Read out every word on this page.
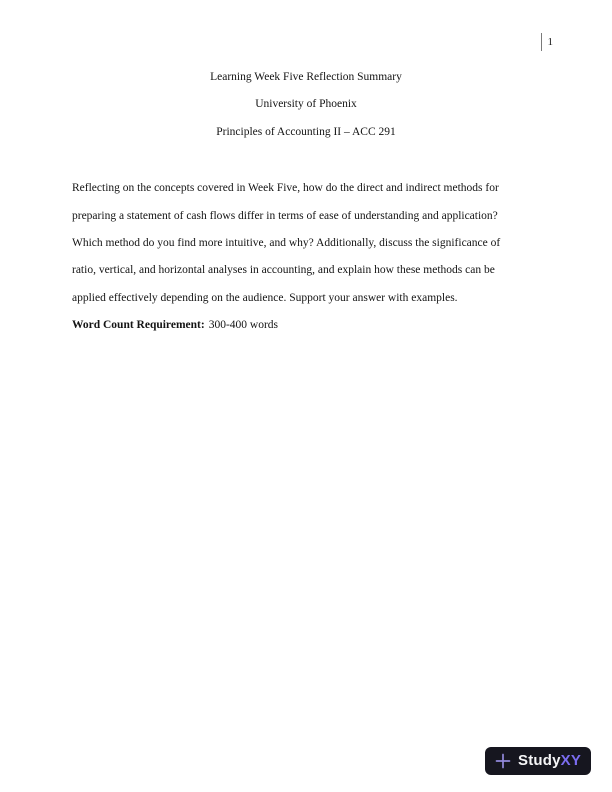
1
Learning Week Five Reflection Summary
University of Phoenix
Principles of Accounting II – ACC 291
Reflecting on the concepts covered in Week Five, how do the direct and indirect methods for
preparing a statement of cash flows differ in terms of ease of understanding and application?
Which method do you find more intuitive, and why? Additionally, discuss the significance of
ratio, vertical, and horizontal analyses in accounting, and explain how these methods can be
applied effectively depending on the audience. Support your answer with examples.
Word Count Requirement: 300-400 words
StudyXY
